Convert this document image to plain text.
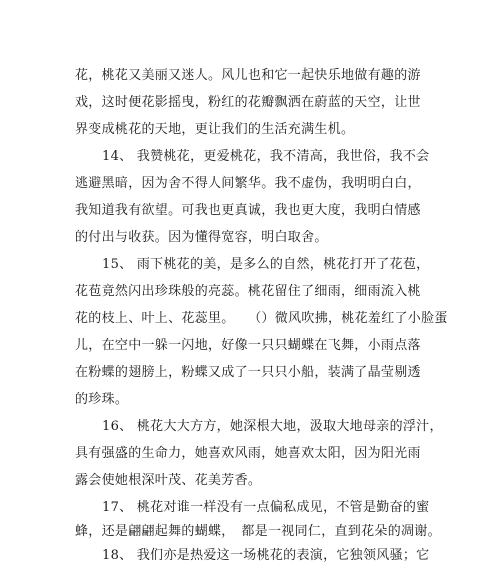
花，桃花又美丽又迷人。风儿也和它一起快乐地做有趣的游
戏，这时便花影摇曳，粉红的花瓣飘洒在蔚蓝的天空，让世
界变成桃花的天地，更让我们的生活充满生机。
14、 我赞桃花，更爱桃花，我不清高，我世俗，我不会
逃避黑暗，因为舍不得人间繁华。我不虚伪，我明明白白，
我知道我有欲望。可我也更真诚，我也更大度，我明白情感
的付出与收获。因为懂得宽容，明白取舍。
15、 雨下桃花的美，是多么的自然，桃花打开了花苞，
花苞竟然闪出珍珠般的亮蕊。桃花留住了细雨，细雨流入桃
花的枝上、叶上、花蕊里。　　（）微风吹拂，桃花羞红了小脸蛋
儿，在空中一躲一闪地，好像一只只蝴蝶在飞舞，小雨点落
在粉蝶的翅膀上，粉蝶又成了一只只小船，装满了晶莹剔透
的珍珠。
16、 桃花大大方方，她深根大地，汲取大地母亲的浮汁，
具有强盛的生命力，她喜欢风雨，她喜欢太阳，因为阳光雨
露会使她根深叶茂、花美芳香。
17、 桃花对谁一样没有一点偏私成见，不管是勤奋的蜜
蜂，还是翩翩起舞的蝴蝶，　都是一视同仁，直到花朵的凋谢。
18、 我们亦是热爱这一场桃花的表演，它独领风骚；它
